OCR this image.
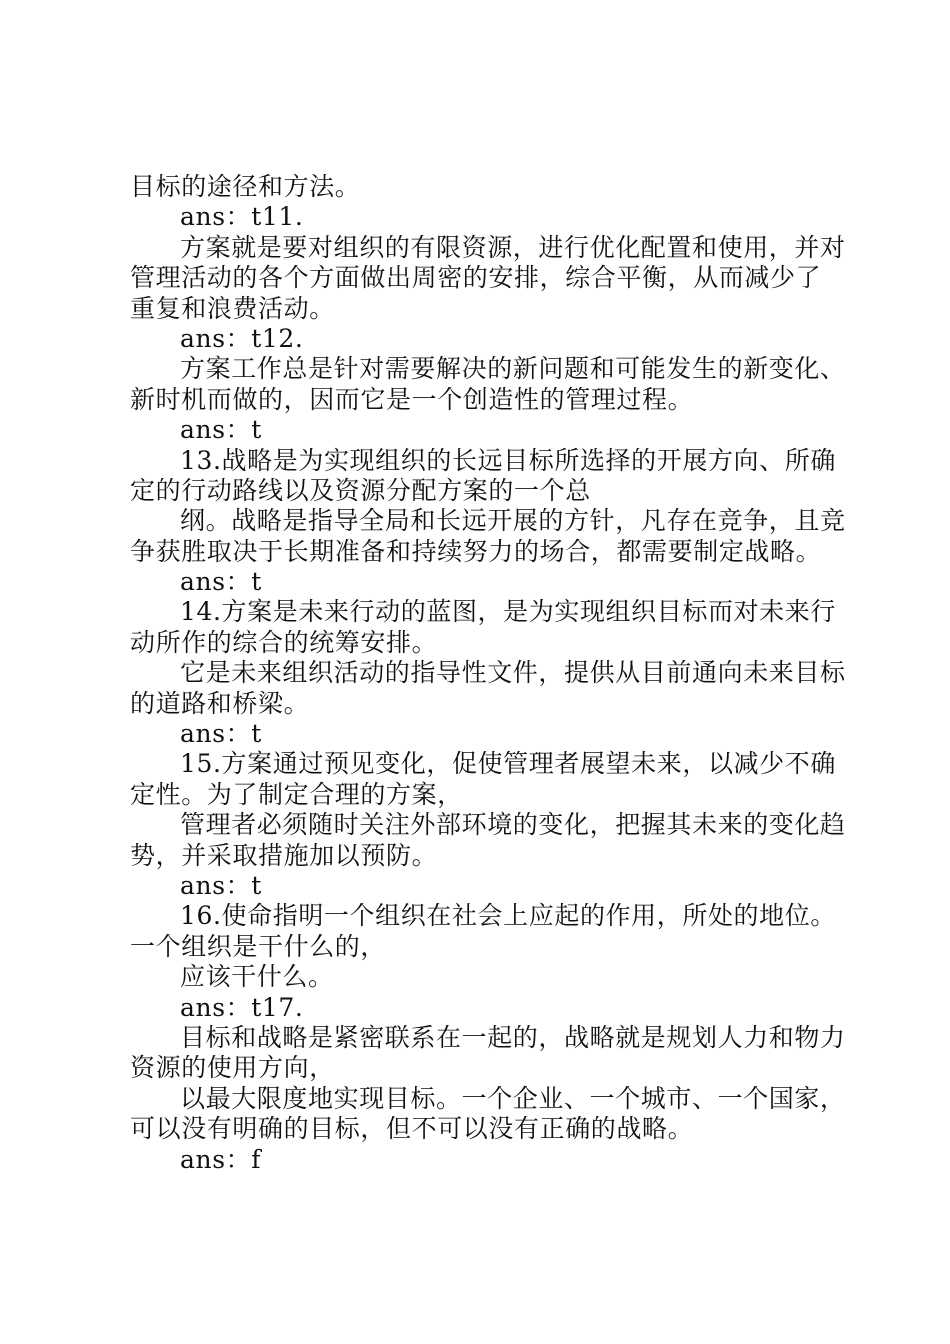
目标的途径和方法。
ans：t11.
方案就是要对组织的有限资源，进行优化配置和使用，并对
管理活动的各个方面做出周密的安排，综合平衡，从而减少了
重复和浪费活动。
ans：t12.
方案工作总是针对需要解决的新问题和可能发生的新变化、
新时机而做的，因而它是一个创造性的管理过程。
ans：t
13.战略是为实现组织的长远目标所选择的开展方向、所确
定的行动路线以及资源分配方案的一个总
纲。战略是指导全局和长远开展的方针，凡存在竞争，且竞
争获胜取决于长期准备和持续努力的场合，都需要制定战略。
ans：t
14.方案是未来行动的蓝图，是为实现组织目标而对未来行
动所作的综合的统筹安排。
它是未来组织活动的指导性文件，提供从目前通向未来目标
的道路和桥梁。
ans：t
15.方案通过预见变化，促使管理者展望未来，以减少不确
定性。为了制定合理的方案，
管理者必须随时关注外部环境的变化，把握其未来的变化趋
势，并采取措施加以预防。
ans：t
16.使命指明一个组织在社会上应起的作用，所处的地位。
一个组织是干什么的，
应该干什么。
ans：t17.
目标和战略是紧密联系在一起的，战略就是规划人力和物力
资源的使用方向，
以最大限度地实现目标。一个企业、一个城市、一个国家，
可以没有明确的目标，但不可以没有正确的战略。
ans：f
